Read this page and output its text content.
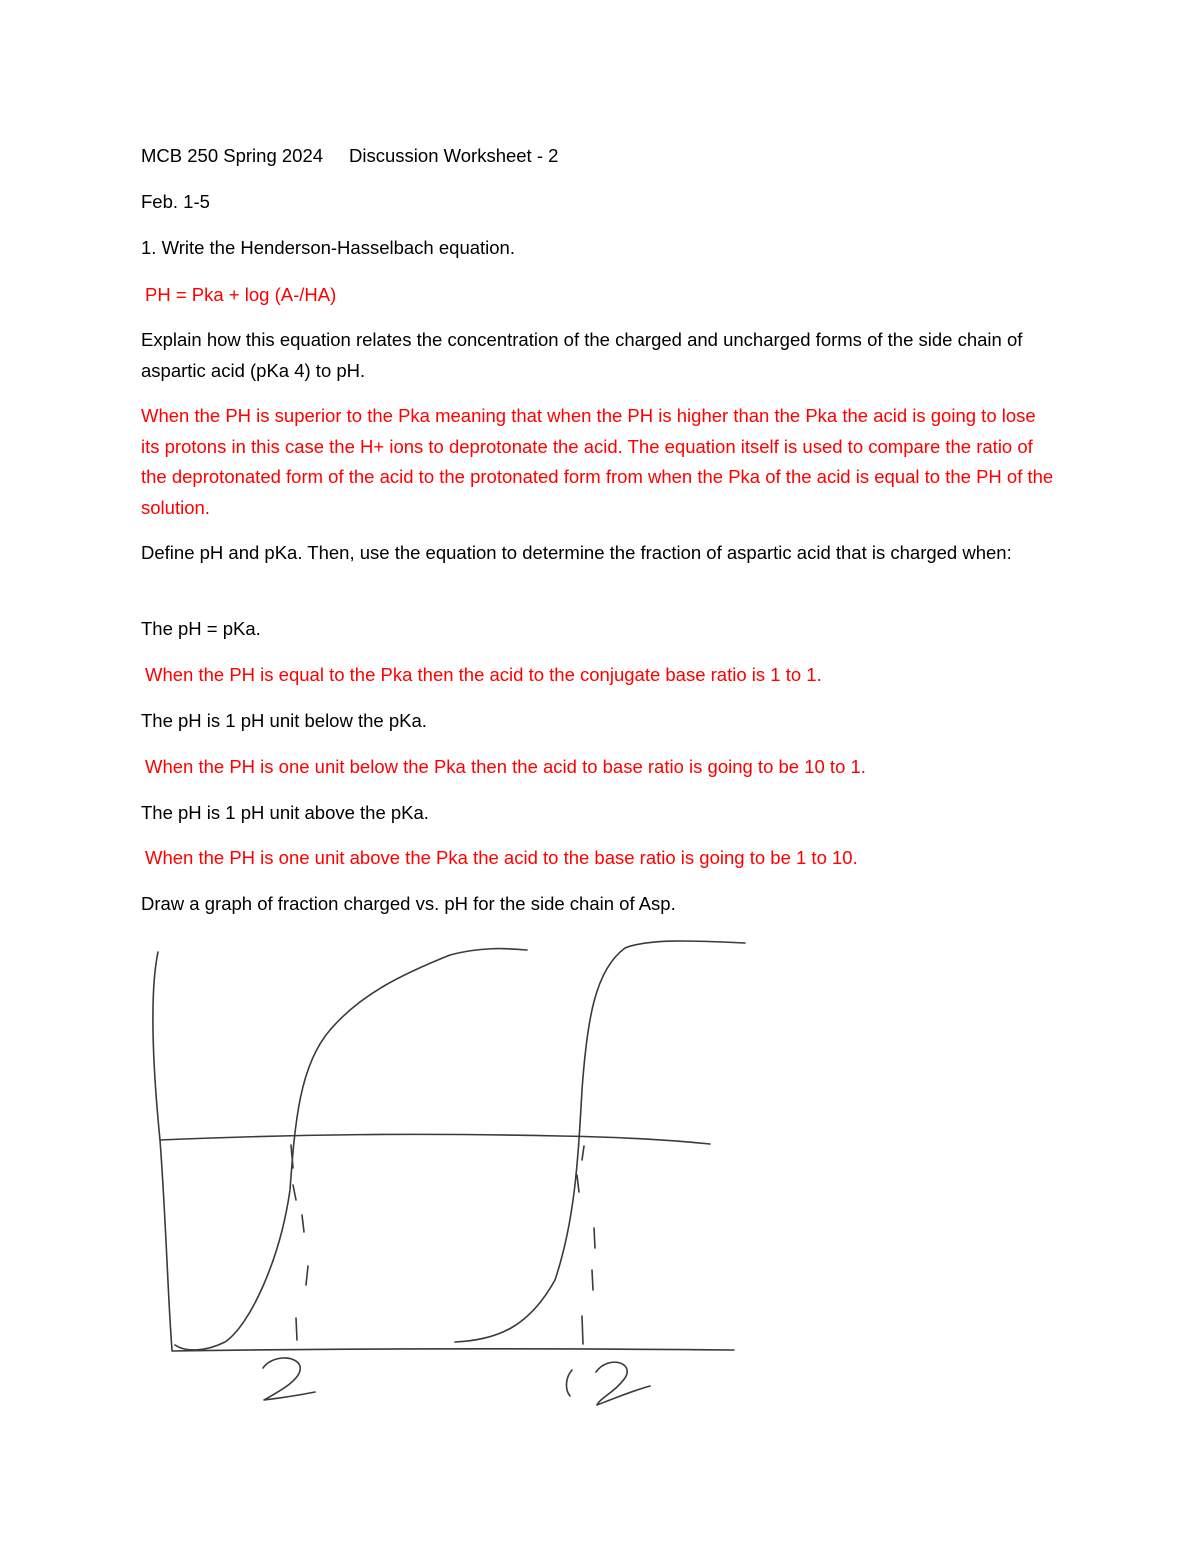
MCB 250 Spring 2024 Discussion Worksheet - 2
Feb. 1-5
1. Write the Henderson-Hasselbach equation.
PH = Pka + log (A-/HA)
Explain how this equation relates the concentration of the charged and uncharged forms of the side chain of aspartic acid (pKa 4) to pH.
When the PH is superior to the Pka meaning that when the PH is higher than the Pka the acid is going to lose its protons in this case the H+ ions to deprotonate the acid. The equation itself is used to compare the ratio of the deprotonated form of the acid to the protonated form from when the Pka of the acid is equal to the PH of the solution.
Define pH and pKa. Then, use the equation to determine the fraction of aspartic acid that is charged when:
The pH = pKa.
When the PH is equal to the Pka then the acid to the conjugate base ratio is 1 to 1.
The pH is 1 pH unit below the pKa.
When the PH is one unit below the Pka then the acid to base ratio is going to be 10 to 1.
The pH is 1 pH unit above the pKa.
When the PH is one unit above the Pka the acid to the base ratio is going to be 1 to 10.
Draw a graph of fraction charged vs. pH for the side chain of Asp.
